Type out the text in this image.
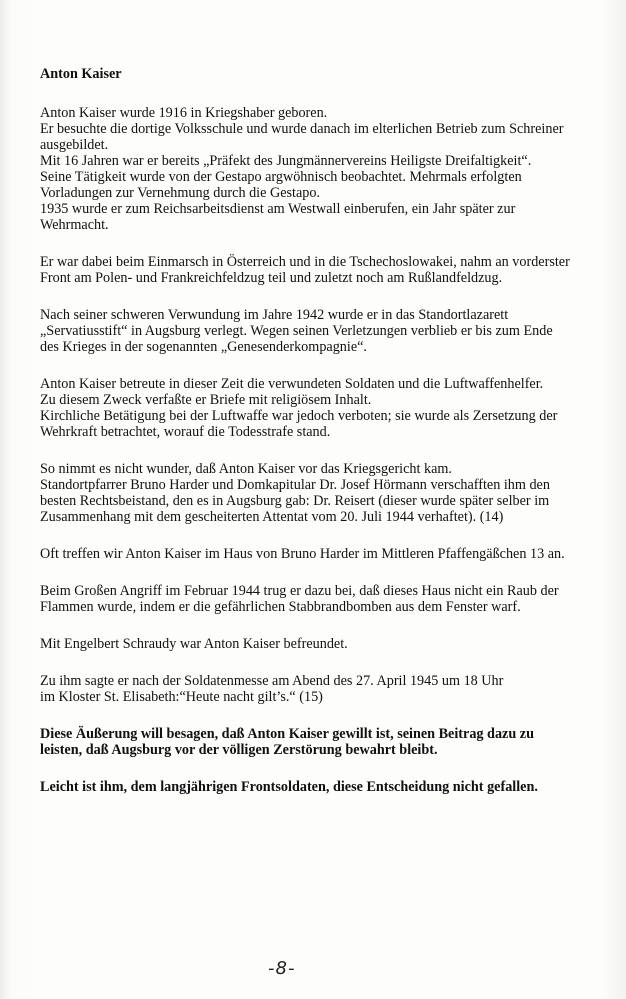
Anton Kaiser
Anton Kaiser wurde 1916 in Kriegshaber geboren.
Er besuchte die dortige Volksschule und wurde danach im elterlichen Betrieb zum Schreiner
ausgebildet.
Mit 16 Jahren war er bereits „Präfekt des Jungmännervereins Heiligste Dreifaltigkeit“.
Seine Tätigkeit wurde von der Gestapo argwöhnisch beobachtet. Mehrmals erfolgten
Vorladungen zur Vernehmung durch die Gestapo.
1935 wurde er zum Reichsarbeitsdienst am Westwall einberufen, ein Jahr später zur
Wehrmacht.
Er war dabei beim Einmarsch in Österreich und in die Tschechoslowakei, nahm an vorderster
Front am Polen- und Frankreichfeldzug teil und zuletzt noch am Rußlandfeldzug.
Nach seiner schweren Verwundung im Jahre 1942 wurde er in das Standortlazarett
„Servatiusstift“ in Augsburg verlegt. Wegen seinen Verletzungen verblieb er bis zum Ende
des Krieges in der sogenannten „Genesenderkompagnie“.
Anton Kaiser betreute in dieser Zeit die verwundeten Soldaten und die Luftwaffenhelfer.
Zu diesem Zweck verfaßte er Briefe mit religiösem Inhalt.
Kirchliche Betätigung bei der Luftwaffe war jedoch verboten; sie wurde als Zersetzung der
Wehrkraft betrachtet, worauf die Todesstrafe stand.
So nimmt es nicht wunder, daß Anton Kaiser vor das Kriegsgericht kam.
Standortpfarrer Bruno Harder und Domkapitular Dr. Josef Hörmann verschafften ihm den
besten Rechtsbeistand, den es in Augsburg gab: Dr. Reisert (dieser wurde später selber im
Zusammenhang mit dem gescheiterten Attentat vom 20. Juli 1944 verhaftet). (14)
Oft treffen wir Anton Kaiser im Haus von Bruno Harder im Mittleren Pfaffengäßchen 13 an.
Beim Großen Angriff im Februar 1944 trug er dazu bei, daß dieses Haus nicht ein Raub der
Flammen wurde, indem er die gefährlichen Stabbrandbomben aus dem Fenster warf.
Mit Engelbert Schraudy war Anton Kaiser befreundet.
Zu ihm sagte er nach der Soldatenmesse am Abend des 27. April 1945 um 18 Uhr
im Kloster St. Elisabeth:“Heute nacht gilt’s.“ (15)
Diese Äußerung will besagen, daß Anton Kaiser gewillt ist, seinen Beitrag dazu zu
leisten, daß Augsburg vor der völligen Zerstörung bewahrt bleibt.
Leicht ist ihm, dem langjährigen Frontsoldaten, diese Entscheidung nicht gefallen.
-8-
